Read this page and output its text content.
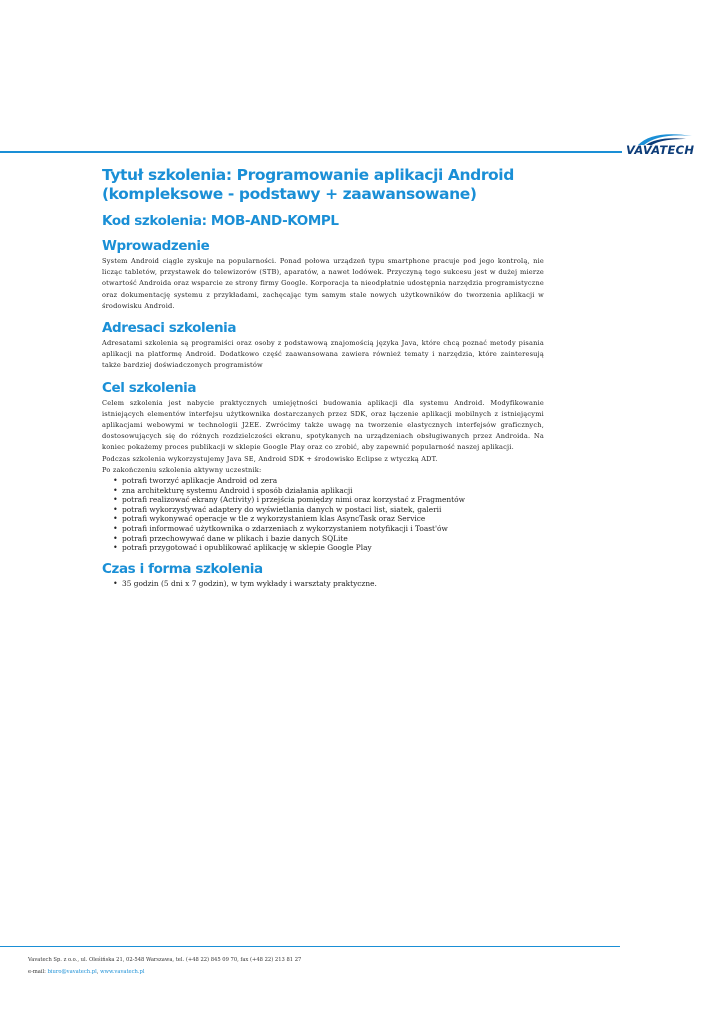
VAVATECH
Tytuł szkolenia: Programowanie aplikacji Android (kompleksowe - podstawy + zaawansowane)
Kod szkolenia: MOB-AND-KOMPL
Wprowadzenie

System Android ciągle zyskuje na popularności. Ponad połowa urządzeń typu smartphone pracuje pod jego kontrolą, nie licząc tabletów, przystawek do telewizorów (STB), aparatów, a nawet lodówek. Przyczyną tego sukcesu jest w dużej mierze otwartość Androida oraz wsparcie ze strony firmy Google. Korporacja ta nieodpłatnie udostępnia narzędzia programistyczne oraz dokumentację systemu z przykładami, zachęcając tym samym stale nowych użytkowników do tworzenia aplikacji w środowisku Android.

Adresaci szkolenia

Adresatami szkolenia są programiści oraz osoby z podstawową znajomością języka Java, które chcą poznać metody pisania aplikacji na platformę Android. Dodatkowo część zaawansowana zawiera również tematy i narzędzia, które zainteresują także bardziej doświadczonych programistów

Cel szkolenia

Celem szkolenia jest nabycie praktycznych umiejętności budowania aplikacji dla systemu Android. Modyfikowanie istniejących elementów interfejsu użytkownika dostarczanych przez SDK, oraz łączenie aplikacji mobilnych z istniejącymi aplikacjami webowymi w technologii J2EE. Zwrócimy także uwagę na tworzenie elastycznych interfejsów graficznych, dostosowujących się do różnych rozdzielczości ekranu, spotykanych na urządzeniach obsługiwanych przez Androida. Na koniec pokażemy proces publikacji w sklepie Google Play oraz co zrobić, aby zapewnić popularność naszej aplikacji.

Podczas szkolenia wykorzystujemy Java SE, Android SDK + środowisko Eclipse z wtyczką ADT.

Po zakończeniu szkolenia aktywny uczestnik:

• potrafi tworzyć aplikacje Android od zera
• zna architekturę systemu Android i sposób działania aplikacji
• potrafi realizować ekrany (Activity) i przejścia pomiędzy nimi oraz korzystać z Fragmentów
• potrafi wykorzystywać adaptery do wyświetlania danych w postaci list, siatek, galerii
• potrafi wykonywać operacje w tle z wykorzystaniem klas AsyncTask oraz Service
• potrafi informować użytkownika o zdarzeniach z wykorzystaniem notyfikacji i Toast'ów
• potrafi przechowywać dane w plikach i bazie danych SQLite
• potrafi przygotować i opublikować aplikację w sklepie Google Play
Czas i forma szkolenia
• 35 godzin (5 dni x 7 godzin), w tym wykłady i warsztaty praktyczne.
Vavatech Sp. z o.o., ul. Oleśińska 21, 02-548 Warszawa, tel. (+48 22) 845 09 70, fax (+48 22) 213 81 27
e-mail: biuro@vavatech.pl, www.vavatech.pl
